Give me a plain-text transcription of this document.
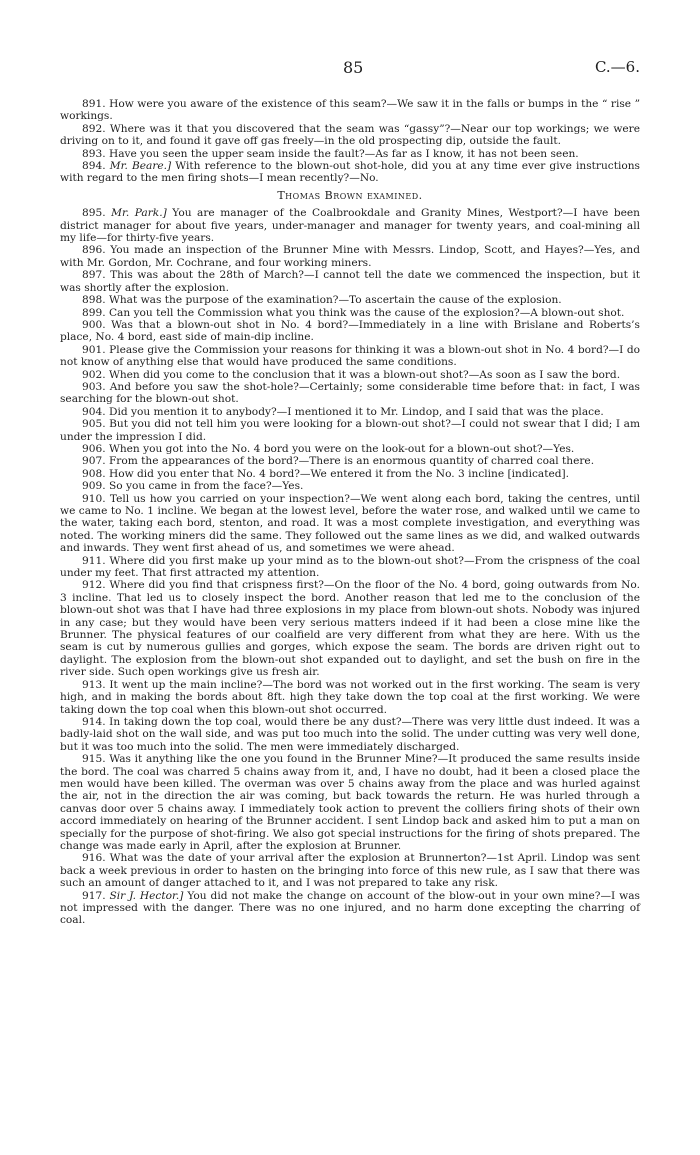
85	C.—6.

891. How were you aware of the existence of this seam?—We saw it in the falls or bumps in the “ rise ” workings.

892. Where was it that you discovered that the seam was “gassy”?—Near our top workings; we were driving on to it, and found it gave off gas freely—in the old prospecting dip, outside the fault.

893. Have you seen the upper seam inside the fault?—As far as I know, it has not been seen.

894. Mr. Beare.] With reference to the blown-out shot-hole, did you at any time ever give instructions with regard to the men firing shots—I mean recently?—No.

Thomas Brown examined.

895. Mr. Park.] You are manager of the Coalbrookdale and Granity Mines, Westport?—I have been district manager for about five years, under-manager and manager for twenty years, and coal-mining all my life—for thirty-five years.

896. You made an inspection of the Brunner Mine with Messrs. Lindop, Scott, and Hayes?—Yes, and with Mr. Gordon, Mr. Cochrane, and four working miners.

897. This was about the 28th of March?—I cannot tell the date we commenced the inspection, but it was shortly after the explosion.

898. What was the purpose of the examination?—To ascertain the cause of the explosion.

899. Can you tell the Commission what you think was the cause of the explosion?—A blown-out shot.

900. Was that a blown-out shot in No. 4 bord?—Immediately in a line with Brislane and Roberts’s place, No. 4 bord, east side of main-dip incline.

901. Please give the Commission your reasons for thinking it was a blown-out shot in No. 4 bord?—I do not know of anything else that would have produced the same conditions.

902. When did you come to the conclusion that it was a blown-out shot?—As soon as I saw the bord.

903. And before you saw the shot-hole?—Certainly; some considerable time before that: in fact, I was searching for the blown-out shot.

904. Did you mention it to anybody?—I mentioned it to Mr. Lindop, and I said that was the place.

905. But you did not tell him you were looking for a blown-out shot?—I could not swear that I did; I am under the impression I did.

906. When you got into the No. 4 bord you were on the look-out for a blown-out shot?—Yes.

907. From the appearances of the bord?—There is an enormous quantity of charred coal there.

908. How did you enter that No. 4 bord?—We entered it from the No. 3 incline [indicated].

909. So you came in from the face?—Yes.

910. Tell us how you carried on your inspection?—We went along each bord, taking the centres, until we came to No. 1 incline. We began at the lowest level, before the water rose, and walked until we came to the water, taking each bord, stenton, and road. It was a most complete investigation, and everything was noted. The working miners did the same. They followed out the same lines as we did, and walked outwards and inwards. They went first ahead of us, and sometimes we were ahead.

911. Where did you first make up your mind as to the blown-out shot?—From the crispness of the coal under my feet. That first attracted my attention.

912. Where did you find that crispness first?—On the floor of the No. 4 bord, going outwards from No. 3 incline. That led us to closely inspect the bord. Another reason that led me to the conclusion of the blown-out shot was that I have had three explosions in my place from blown-out shots. Nobody was injured in any case; but they would have been very serious matters indeed if it had been a close mine like the Brunner. The physical features of our coalfield are very different from what they are here. With us the seam is cut by numerous gullies and gorges, which expose the seam. The bords are driven right out to daylight. The explosion from the blown-out shot expanded out to daylight, and set the bush on fire in the river side. Such open workings give us fresh air.

913. It went up the main incline?—The bord was not worked out in the first working. The seam is very high, and in making the bords about 8ft. high they take down the top coal at the first working. We were taking down the top coal when this blown-out shot occurred.

914. In taking down the top coal, would there be any dust?—There was very little dust indeed. It was a badly-laid shot on the wall side, and was put too much into the solid. The under cutting was very well done, but it was too much into the solid. The men were immediately discharged.

915. Was it anything like the one you found in the Brunner Mine?—It produced the same results inside the bord. The coal was charred 5 chains away from it, and, I have no doubt, had it been a closed place the men would have been killed. The overman was over 5 chains away from the place and was hurled against the air, not in the direction the air was coming, but back towards the return. He was hurled through a canvas door over 5 chains away. I immediately took action to prevent the colliers firing shots of their own accord immediately on hearing of the Brunner accident. I sent Lindop back and asked him to put a man on specially for the purpose of shot-firing. We also got special instructions for the firing of shots prepared. The change was made early in April, after the explosion at Brunner.

916. What was the date of your arrival after the explosion at Brunnerton?—1st April. Lindop was sent back a week previous in order to hasten on the bringing into force of this new rule, as I saw that there was such an amount of danger attached to it, and I was not prepared to take any risk.

917. Sir J. Hector.] You did not make the change on account of the blow-out in your own mine?—I was not impressed with the danger. There was no one injured, and no harm done excepting the charring of coal.
